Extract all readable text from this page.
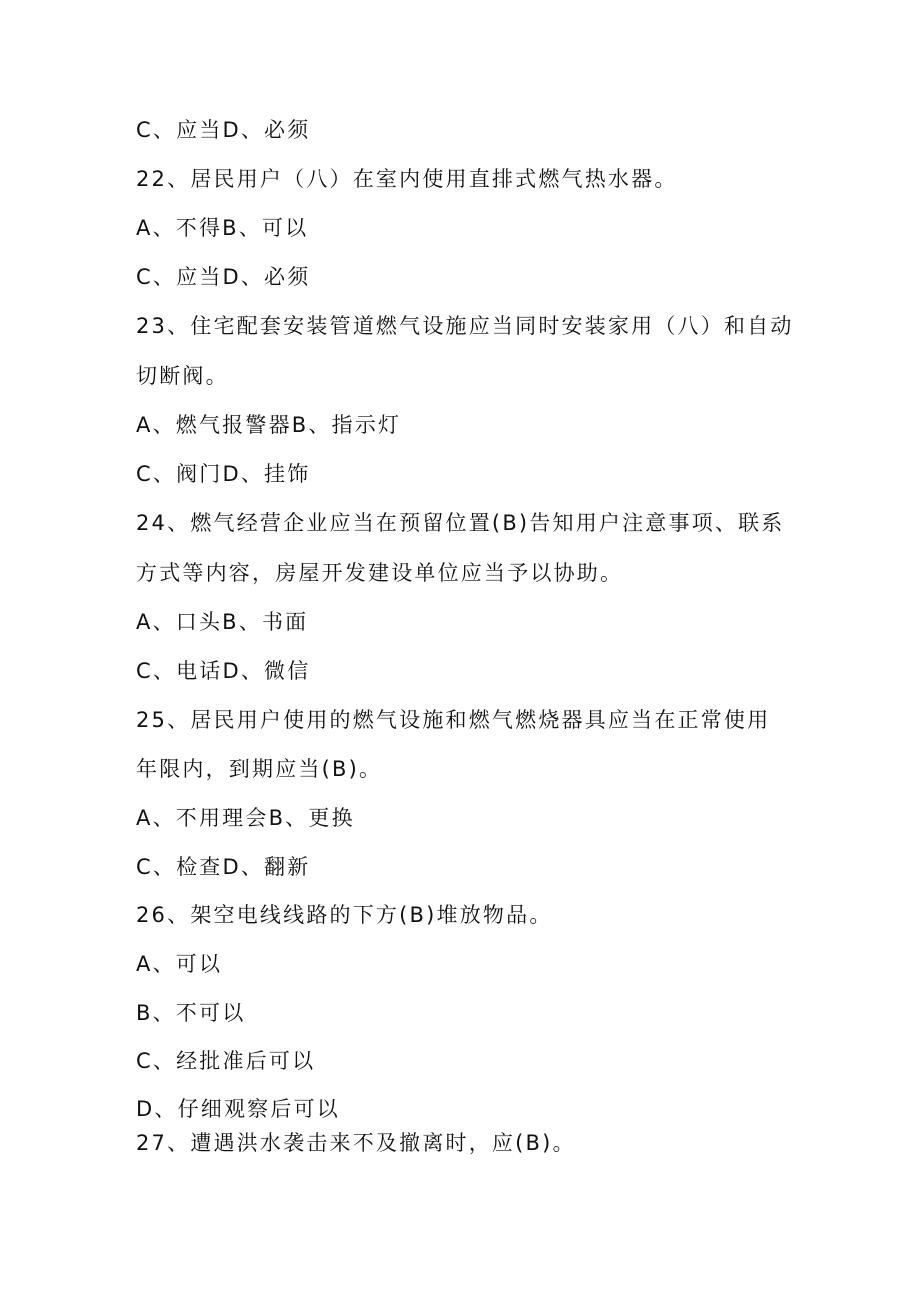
C、应当D、必须
22、居民用户（八）在室内使用直排式燃气热水器。
A、不得B、可以
C、应当D、必须
23、住宅配套安装管道燃气设施应当同时安装家用（八）和自动
切断阀。
A、燃气报警器B、指示灯
C、阀门D、挂饰
24、燃气经营企业应当在预留位置(B)告知用户注意事项、联系
方式等内容，房屋开发建设单位应当予以协助。
A、口头B、书面
C、电话D、微信
25、居民用户使用的燃气设施和燃气燃烧器具应当在正常使用
年限内，到期应当(B)。
A、不用理会B、更换
C、检查D、翻新
26、架空电线线路的下方(B)堆放物品。
A、可以
B、不可以
C、经批准后可以
D、仔细观察后可以
27、遭遇洪水袭击来不及撤离时，应(B)。
